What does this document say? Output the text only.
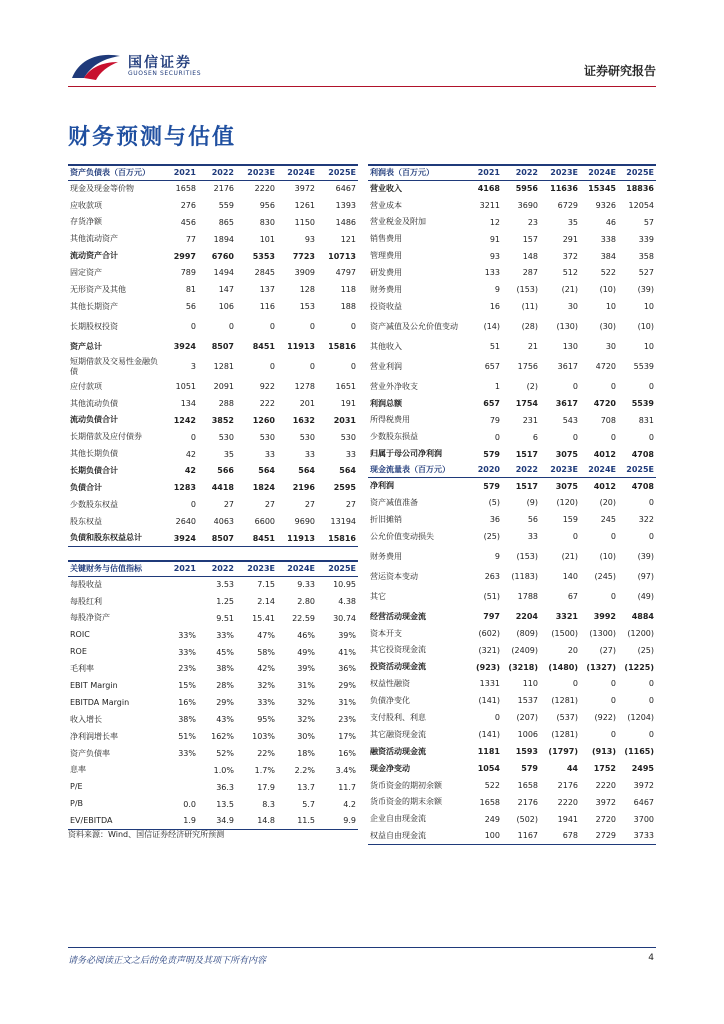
国信证券
GUOSEN SECURITIES	证券研究报告
财务预测与估值
资产负债表（百万元）	2021	2022	2023E	2024E	2025E
现金及现金等价物	1658	2176	2220	3972	6467
应收款项	276	559	956	1261	1393
存货净额	456	865	830	1150	1486
其他流动资产	77	1894	101	93	121
流动资产合计	2997	6760	5353	7723	10713
固定资产	789	1494	2845	3909	4797
无形资产及其他	81	147	137	128	118
其他长期资产	56	106	116	153	188
长期股权投资	0	0	0	0	0
资产总计	3924	8507	8451	11913	15816
短期借款及交易性金融负债	3	1281	0	0	0
应付款项	1051	2091	922	1278	1651
其他流动负债	134	288	222	201	191
流动负债合计	1242	3852	1260	1632	2031
长期借款及应付债券	0	530	530	530	530
其他长期负债	42	35	33	33	33
长期负债合计	42	566	564	564	564
负债合计	1283	4418	1824	2196	2595
少数股东权益	0	27	27	27	27
股东权益	2640	4063	6600	9690	13194
负债和股东权益总计	3924	8507	8451	11913	15816
关键财务与估值指标	2021	2022	2023E	2024E	2025E
每股收益		3.53	7.15	9.33	10.95
每股红利		1.25	2.14	2.80	4.38
每股净资产		9.51	15.41	22.59	30.74
ROIC	33%	33%	47%	46%	39%
ROE	33%	45%	58%	49%	41%
毛利率	23%	38%	42%	39%	36%
EBIT Margin	15%	28%	32%	31%	29%
EBITDA Margin	16%	29%	33%	32%	31%
收入增长	38%	43%	95%	32%	23%
净利润增长率	51%	162%	103%	30%	17%
资产负债率	33%	52%	22%	18%	16%
息率		1.0%	1.7%	2.2%	3.4%
P/E		36.3	17.9	13.7	11.7
P/B	0.0	13.5	8.3	5.7	4.2
EV/EBITDA	1.9	34.9	14.8	11.5	9.9
利润表（百万元）	2021	2022	2023E	2024E	2025E
营业收入	4168	5956	11636	15345	18836
营业成本	3211	3690	6729	9326	12054
营业税金及附加	12	23	35	46	57
销售费用	91	157	291	338	339
管理费用	93	148	372	384	358
研发费用	133	287	512	522	527
财务费用	9	(153)	(21)	(10)	(39)
投资收益	16	(11)	30	10	10
资产减值及公允价值变动	(14)	(28)	(130)	(30)	(10)
其他收入	51	21	130	30	10
营业利润	657	1756	3617	4720	5539
营业外净收支	1	(2)	0	0	0
利润总额	657	1754	3617	4720	5539
所得税费用	79	231	543	708	831
少数股东损益	0	6	0	0	0
归属于母公司净利润	579	1517	3075	4012	4708
现金流量表（百万元）	2020	2022	2023E	2024E	2025E
净利润	579	1517	3075	4012	4708
资产减值准备	(5)	(9)	(120)	(20)	0
折旧摊销	36	56	159	245	322
公允价值变动损失	(25)	33	0	0	0
财务费用	9	(153)	(21)	(10)	(39)
营运资本变动	263	(1183)	140	(245)	(97)
其它	(51)	1788	67	0	(49)
经营活动现金流	797	2204	3321	3992	4884
资本开支	(602)	(809)	(1500)	(1300)	(1200)
其它投资现金流	(321)	(2409)	20	(27)	(25)
投资活动现金流	(923)	(3218)	(1480)	(1327)	(1225)
权益性融资	1331	110	0	0	0
负债净变化	(141)	1537	(1281)	0	0
支付股利、利息	0	(207)	(537)	(922)	(1204)
其它融资现金流	(141)	1006	(1281)	0	0
融资活动现金流	1181	1593	(1797)	(913)	(1165)
现金净变动	1054	579	44	1752	2495
货币资金的期初余额	522	1658	2176	2220	3972
货币资金的期末余额	1658	2176	2220	3972	6467
企业自由现金流	249	(502)	1941	2720	3700
权益自由现金流	100	1167	678	2729	3733
资料来源：Wind、国信证券经济研究所预测
请务必阅读正文之后的免责声明及其项下所有内容	4
